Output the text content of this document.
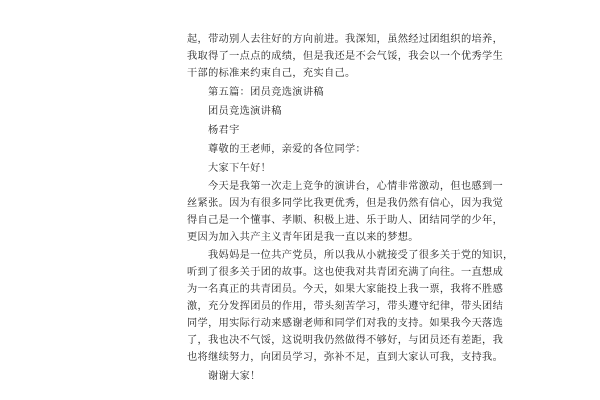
起，带动别人去往好的方向前进。我深知，虽然经过团组织的培养，
我取得了一点点的成绩，但是我还是不会气馁，我会以一个优秀学生
干部的标准来约束自己，充实自己。
第五篇：团员竞选演讲稿
团员竞选演讲稿
杨君宇
尊敬的王老师，亲爱的各位同学：
大家下午好！
今天是我第一次走上竞争的演讲台，心情非常激动，但也感到一
丝紧张。因为有很多同学比我更优秀，但是我仍然有信心，因为我觉
得自己是一个懂事、孝顺、积极上进、乐于助人、团结同学的少年，
更因为加入共产主义青年团是我一直以来的梦想。
我妈妈是一位共产党员，所以我从小就接受了很多关于党的知识，
听到了很多关于团的故事。这也使我对共青团充满了向往。一直想成
为一名真正的共青团员。今天，如果大家能投上我一票，我将不胜感
激，充分发挥团员的作用，带头刻苦学习，带头遵守纪律，带头团结
同学，用实际行动来感谢老师和同学们对我的支持。如果我今天落选
了，我也决不气馁，这说明我仍然做得不够好，与团员还有差距，我
也将继续努力，向团员学习，弥补不足，直到大家认可我，支持我。
谢谢大家！
